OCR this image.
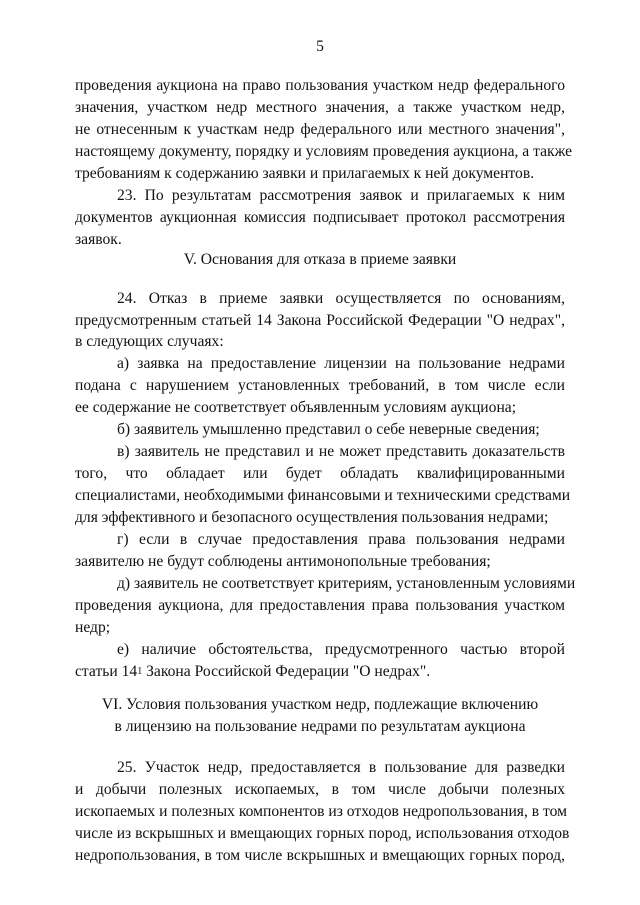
5
проведения аукциона на право пользования участком недр федерального
значения, участком недр местного значения, а также участком недр,
не отнесенным к участкам недр федерального или местного значения",
настоящему документу, порядку и условиям проведения аукциона, а также
требованиям к содержанию заявки и прилагаемых к ней документов.
23. По результатам рассмотрения заявок и прилагаемых к ним
документов аукционная комиссия подписывает протокол рассмотрения
заявок.
V. Основания для отказа в приеме заявки
24. Отказ в приеме заявки осуществляется по основаниям,
предусмотренным статьей 14 Закона Российской Федерации "О недрах",
в следующих случаях:
а) заявка на предоставление лицензии на пользование недрами
подана с нарушением установленных требований, в том числе если
ее содержание не соответствует объявленным условиям аукциона;
б) заявитель умышленно представил о себе неверные сведения;
в) заявитель не представил и не может представить доказательств
того, что обладает или будет обладать квалифицированными
специалистами, необходимыми финансовыми и техническими средствами
для эффективного и безопасного осуществления пользования недрами;
г) если в случае предоставления права пользования недрами
заявителю не будут соблюдены антимонопольные требования;
д) заявитель не соответствует критериям, установленным условиями
проведения аукциона, для предоставления права пользования участком
недр;
е) наличие обстоятельства, предусмотренного частью второй
статьи $14^1$ Закона Российской Федерации "О недрах".
VI. Условия пользования участком недр, подлежащие включению
в лицензию на пользование недрами по результатам аукциона
25. Участок недр, предоставляется в пользование для разведки
и добычи полезных ископаемых, в том числе добычи полезных
ископаемых и полезных компонентов из отходов недропользования, в том
числе из вскрышных и вмещающих горных пород, использования отходов
недропользования, в том числе вскрышных и вмещающих горных пород,
